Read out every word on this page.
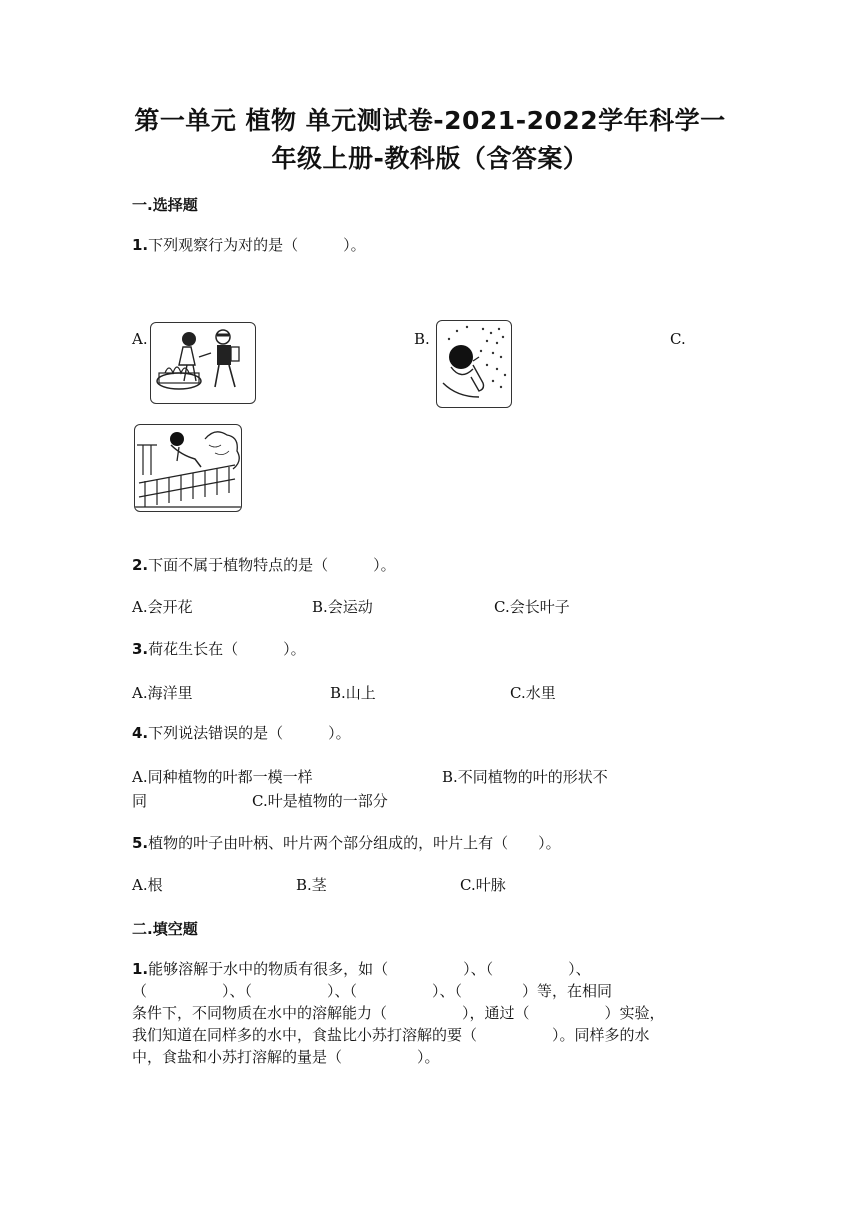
第一单元 植物 单元测试卷-2021-2022学年科学一
年级上册-教科版（含答案）
一.选择题
1.下列观察行为对的是（　　　）。
A.	B.	C.
2.下面不属于植物特点的是（　　　）。
A.会开花	B.会运动	C.会长叶子
3.荷花生长在（　　　）。
A.海洋里	B.山上	C.水里
4.下列说法错误的是（　　　）。
A.同种植物的叶都一模一样	B.不同植物的叶的形状不
同	C.叶是植物的一部分
5.植物的叶子由叶柄、叶片两个部分组成的，叶片上有（　　）。
A.根	B.茎	C.叶脉
二.填空题
1.能够溶解于水中的物质有很多，如（　　　　　）、（　　　　　）、
（　　　　　）、（　　　　　）、（　　　　　）、（　　　　）等，在相同
条件下，不同物质在水中的溶解能力（　　　　　），通过（　　　　　）实验，
我们知道在同样多的水中，食盐比小苏打溶解的要（　　　　　）。同样多的水
中，食盐和小苏打溶解的量是（　　　　　）。
